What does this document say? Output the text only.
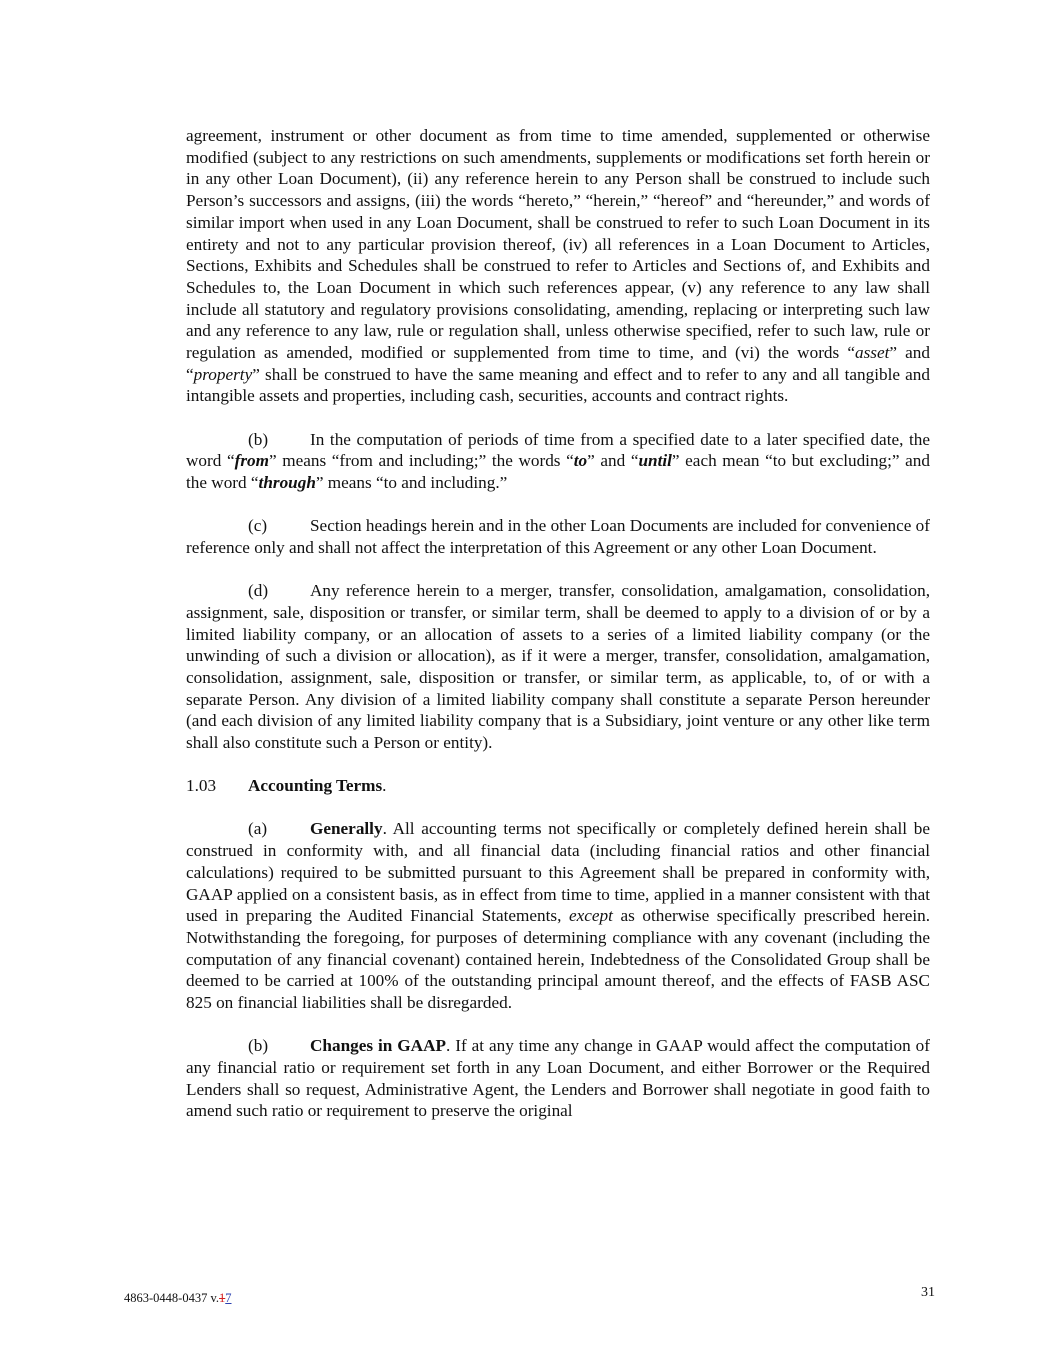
agreement, instrument or other document as from time to time amended, supplemented or otherwise modified (subject to any restrictions on such amendments, supplements or modifications set forth herein or in any other Loan Document), (ii) any reference herein to any Person shall be construed to include such Person’s successors and assigns, (iii) the words “hereto,” “herein,” “hereof” and “hereunder,” and words of similar import when used in any Loan Document, shall be construed to refer to such Loan Document in its entirety and not to any particular provision thereof, (iv) all references in a Loan Document to Articles, Sections, Exhibits and Schedules shall be construed to refer to Articles and Sections of, and Exhibits and Schedules to, the Loan Document in which such references appear, (v) any reference to any law shall include all statutory and regulatory provisions consolidating, amending, replacing or interpreting such law and any reference to any law, rule or regulation shall, unless otherwise specified, refer to such law, rule or regulation as amended, modified or supplemented from time to time, and (vi) the words “asset” and “property” shall be construed to have the same meaning and effect and to refer to any and all tangible and intangible assets and properties, including cash, securities, accounts and contract rights.

(b) In the computation of periods of time from a specified date to a later specified date, the word “from” means “from and including;” the words “to” and “until” each mean “to but excluding;” and the word “through” means “to and including.”

(c) Section headings herein and in the other Loan Documents are included for convenience of reference only and shall not affect the interpretation of this Agreement or any other Loan Document.

(d) Any reference herein to a merger, transfer, consolidation, amalgamation, consolidation, assignment, sale, disposition or transfer, or similar term, shall be deemed to apply to a division of or by a limited liability company, or an allocation of assets to a series of a limited liability company (or the unwinding of such a division or allocation), as if it were a merger, transfer, consolidation, amalgamation, consolidation, assignment, sale, disposition or transfer, or similar term, as applicable, to, of or with a separate Person. Any division of a limited liability company shall constitute a separate Person hereunder (and each division of any limited liability company that is a Subsidiary, joint venture or any other like term shall also constitute such a Person or entity).

1.03 Accounting Terms.

(a) Generally. All accounting terms not specifically or completely defined herein shall be construed in conformity with, and all financial data (including financial ratios and other financial calculations) required to be submitted pursuant to this Agreement shall be prepared in conformity with, GAAP applied on a consistent basis, as in effect from time to time, applied in a manner consistent with that used in preparing the Audited Financial Statements, except as otherwise specifically prescribed herein. Notwithstanding the foregoing, for purposes of determining compliance with any covenant (including the computation of any financial covenant) contained herein, Indebtedness of the Consolidated Group shall be deemed to be carried at 100% of the outstanding principal amount thereof, and the effects of FASB ASC 825 on financial liabilities shall be disregarded.

(b) Changes in GAAP. If at any time any change in GAAP would affect the computation of any financial ratio or requirement set forth in any Loan Document, and either Borrower or the Required Lenders shall so request, Administrative Agent, the Lenders and Borrower shall negotiate in good faith to amend such ratio or requirement to preserve the original

4863-0448-0437 v.17	31
